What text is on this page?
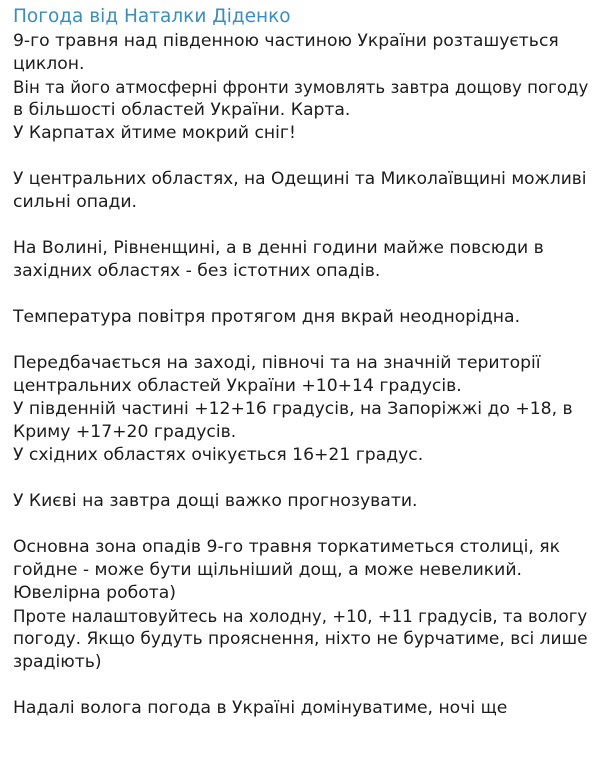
Погода від Наталки Діденко
9-го травня над південною частиною України розташується
циклон.
Він та його атмосферні фронти зумовлять завтра дощову погоду
в більшості областей України. Карта.
У Карпатах йтиме мокрий сніг!
У центральних областях, на Одещині та Миколаївщині можливі
сильні опади.
На Волині, Рівненщині, а в денні години майже повсюди в
західних областях - без істотних опадів.
Температура повітря протягом дня вкрай неоднорідна.
Передбачається на заході, півночі та на значній території
центральних областей України +10+14 градусів.
У південній частині +12+16 градусів, на Запоріжжі до +18, в
Криму +17+20 градусів.
У східних областях очікується 16+21 градус.
У Києві на завтра дощі важко прогнозувати.
Основна зона опадів 9-го травня торкатиметься столиці, як
гойдне - може бути щільніший дощ, а може невеликий.
Ювелірна робота)
Проте налаштовуйтесь на холодну, +10, +11 градусів, та вологу
погоду. Якщо будуть прояснення, ніхто не бурчатиме, всі лише
зрадіють)
Надалі волога погода в Україні домінуватиме, ночі ще
